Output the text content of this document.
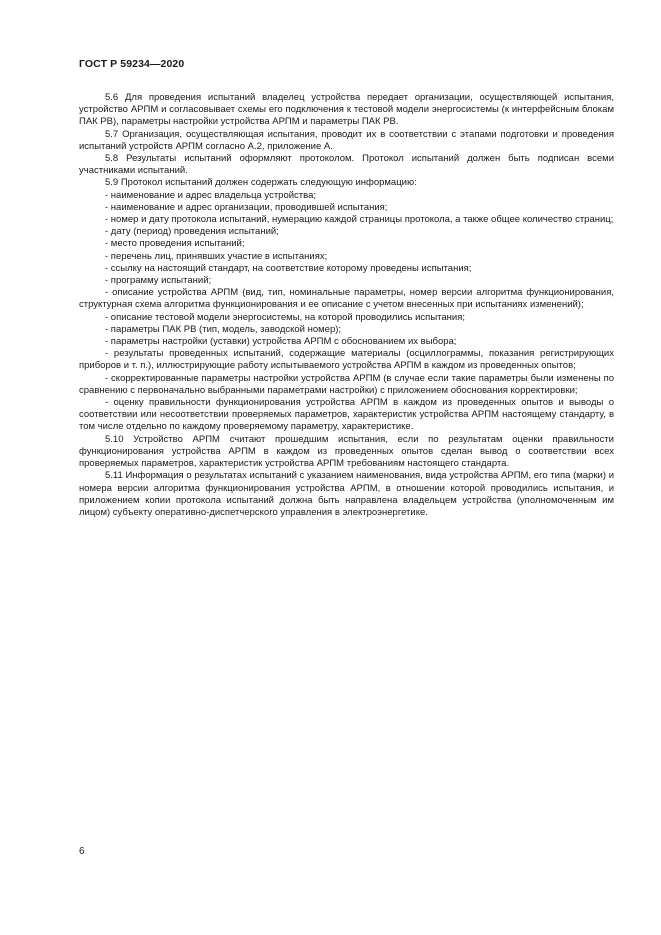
ГОСТ Р 59234—2020

5.6 Для проведения испытаний владелец устройства передает организации, осуществляющей испытания, устройство АРПМ и согласовывает схемы его подключения к тестовой модели энергосистемы (к интерфейсным блокам ПАК РВ), параметры настройки устройства АРПМ и параметры ПАК РВ.

5.7 Организация, осуществляющая испытания, проводит их в соответствии с этапами подготовки и проведения испытаний устройств АРПМ согласно А.2, приложение А.

5.8 Результаты испытаний оформляют протоколом. Протокол испытаний должен быть подписан всеми участниками испытаний.

5.9 Протокол испытаний должен содержать следующую информацию:

- наименование и адрес владельца устройства;

- наименование и адрес организации, проводившей испытания;

- номер и дату протокола испытаний, нумерацию каждой страницы протокола, а также общее количество страниц;

- дату (период) проведения испытаний;

- место проведения испытаний;

- перечень лиц, принявших участие в испытаниях;

- ссылку на настоящий стандарт, на соответствие которому проведены испытания;

- программу испытаний;

- описание устройства АРПМ (вид, тип, номинальные параметры, номер версии алгоритма функционирования, структурная схема алгоритма функционирования и ее описание с учетом внесенных при испытаниях изменений);

- описание тестовой модели энергосистемы, на которой проводились испытания;

- параметры ПАК РВ (тип, модель, заводской номер);

- параметры настройки (уставки) устройства АРПМ с обоснованием их выбора;

- результаты проведенных испытаний, содержащие материалы (осциллограммы, показания регистрирующих приборов и т. п.), иллюстрирующие работу испытываемого устройства АРПМ в каждом из проведенных опытов;

- скорректированные параметры настройки устройства АРПМ (в случае если такие параметры были изменены по сравнению с первоначально выбранными параметрами настройки) с приложением обоснования корректировки;

- оценку правильности функционирования устройства АРПМ в каждом из проведенных опытов и выводы о соответствии или несоответствии проверяемых параметров, характеристик устройства АРПМ настоящему стандарту, в том числе отдельно по каждому проверяемому параметру, характеристике.

5.10 Устройство АРПМ считают прошедшим испытания, если по результатам оценки правильности функционирования устройства АРПМ в каждом из проведенных опытов сделан вывод о соответствии всех проверяемых параметров, характеристик устройства АРПМ требованиям настоящего стандарта.

5.11 Информация о результатах испытаний с указанием наименования, вида устройства АРПМ, его типа (марки) и номера версии алгоритма функционирования устройства АРПМ, в отношении которой проводились испытания, и приложением копии протокола испытаний должна быть направлена владельцем устройства (уполномоченным им лицом) субъекту оперативно-диспетчерского управления в электроэнергетике.

6
